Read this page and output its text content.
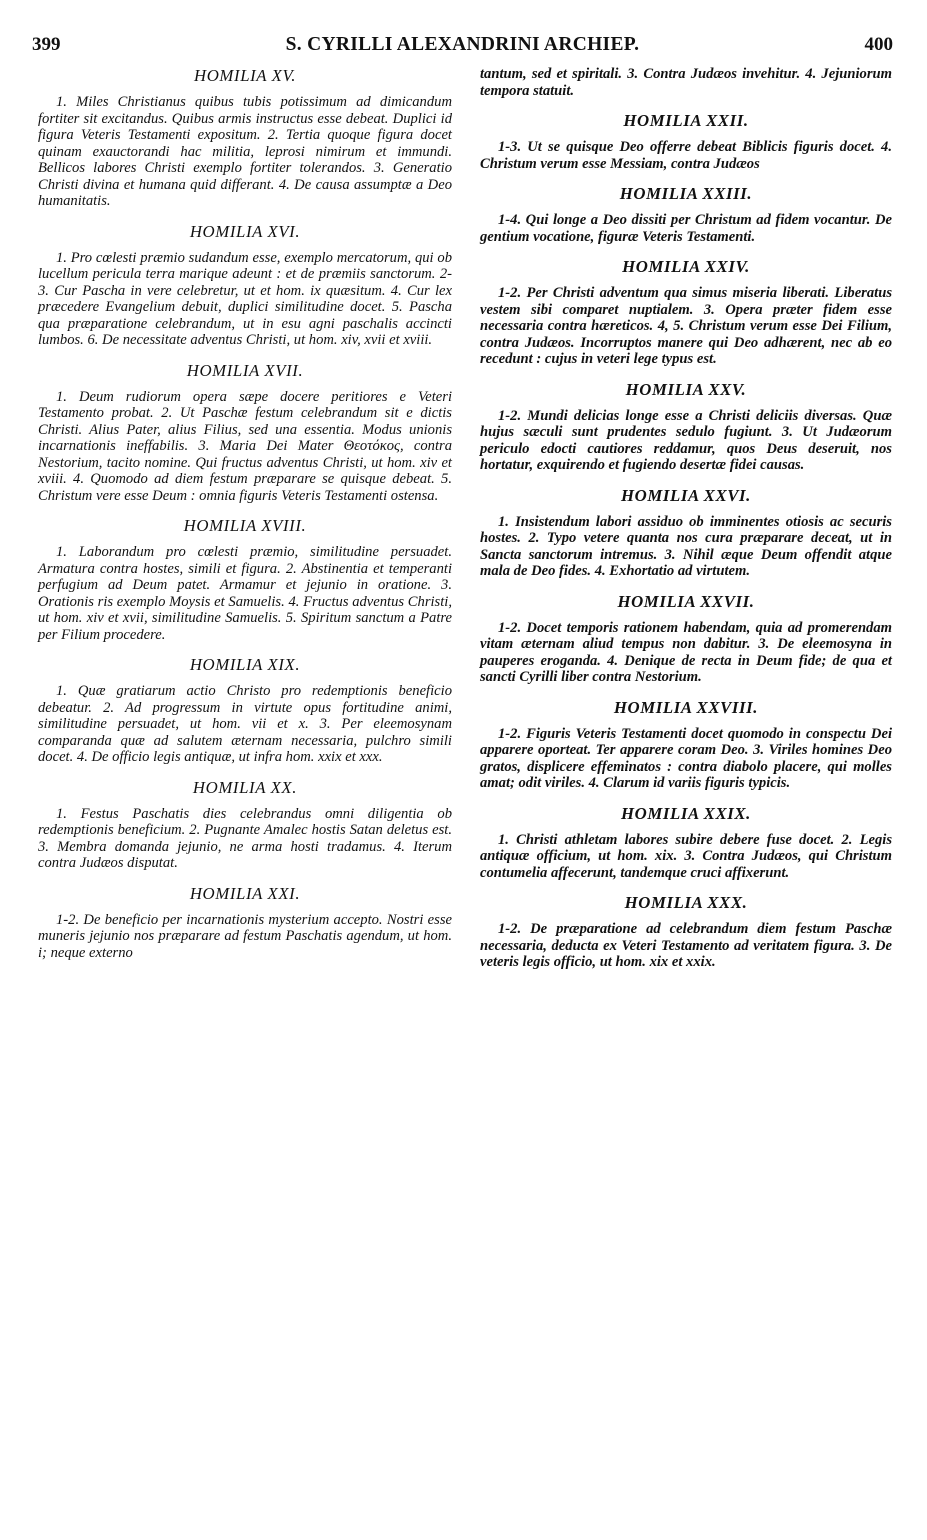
399	S. CYRILLI ALEXANDRINI ARCHIEP.	400
HOMILIA XV.
1. Miles Christianus quibus tubis potissimum ad dimicandum fortiter sit excitandus. Quibus armis instructus esse debeat. Duplici id figura Veteris Testamenti expositum. 2. Tertia quoque figura docet quinam exauctorandi hac militia, leprosi nimirum et immundi. Bellicos labores Christi exemplo fortiter tolerandos. 3. Generatio Christi divina et humana quid differant. 4. De causa assumptæ a Deo humanitatis.
HOMILIA XVI.
1. Pro cœlesti præmio sudandum esse, exemplo mercatorum, qui ob lucellum pericula terra marique adeunt : et de præmiis sanctorum. 2-3. Cur Pascha in vere celebretur, ut et hom. ix quæsitum. 4. Cur lex præcedere Evangelium debuit, duplici similitudine docet. 5. Pascha qua præparatione celebrandum, ut in esu agni paschalis accincti lumbos. 6. De necessitate adventus Christi, ut hom. xiv, xvii et xviii.
HOMILIA XVII.
1. Deum rudiorum opera sæpe docere peritiores e Veteri Testamento probat. 2. Ut Paschæ festum celebrandum sit e dictis Christi. Alius Pater, alius Filius, sed una essentia. Modus unionis incarnationis ineffabilis. 3. Maria Dei Mater Θεοτόκος, contra Nestorium, tacito nomine. Qui fructus adventus Christi, ut hom. xiv et xviii. 4. Quomodo ad diem festum præparare se quisque debeat. 5. Christum vere esse Deum : omnia figuris Veteris Testamenti ostensa.
HOMILIA XVIII.
1. Laborandum pro cœlesti præmio, similitudine persuadet. Armatura contra hostes, simili et figura. 2. Abstinentia et temperanti perfugium ad Deum patet. Armamur et jejunio in oratione. 3. Orationis ris exemplo Moysis et Samuelis. 4. Fructus adventus Christi, ut hom. xiv et xvii, similitudine Samuelis. 5. Spiritum sanctum a Patre per Filium procedere.
HOMILIA XIX.
1. Quæ gratiarum actio Christo pro redemptionis beneficio debeatur. 2. Ad progressum in virtute opus fortitudine animi, similitudine persuadet, ut hom. vii et x. 3. Per eleemosynam comparanda quæ ad salutem æternam necessaria, pulchro simili docet. 4. De officio legis antiquæ, ut infra hom. xxix et xxx.
HOMILIA XX.
1. Festus Paschatis dies celebrandus omni diligentia ob redemptionis beneficium. 2. Pugnante Amalec hostis Satan deletus est. 3. Membra domanda jejunio, ne arma hosti tradamus. 4. Iterum contra Judæos disputat.
HOMILIA XXI.
1-2. De beneficio per incarnationis mysterium acceptо. Nostri esse muneris jejunio nos præparare ad festum Paschatis agendum, ut hom. i; neque externo
tantum, sed et spiritali. 3. Contra Judæos invehitur. 4. Jejuniorum tempora statuit.
HOMILIA XXII.
1-3. Ut se quisque Deo offerre debeat Biblicis figuris docet. 4. Christum verum esse Messiam, contra Judæos
HOMILIA XXIII.
1-4. Qui longe a Deo dissiti per Christum ad fidem vocantur. De gentium vocatione, figuræ Veteris Testamenti.
HOMILIA XXIV.
1-2. Per Christi adventum qua simus miseria liberati. Liberatus vestem sibi comparet nuptialem. 3. Opera præter fidem esse necessaria contra hæreticos. 4, 5. Christum verum esse Dei Filium, contra Judæos. Incorruptos manere qui Deo adhærent, nec ab eo recedunt : cujus in veteri lege typus est.
HOMILIA XXV.
1-2. Mundi delicias longe esse a Christi deliciis diversas. Quæ hujus sæculi sunt prudentes sedulo fugiunt. 3. Ut Judæorum periculo edocti cautiores reddamur, quos Deus deseruit, nos hortatur, exquirendo et fugiendo desertæ fidei causas.
HOMILIA XXVI.
1. Insistendum labori assiduo ob imminentes otiosis ac securis hostes. 2. Typo vetere quanta nos cura præparare deceat, ut in Sancta sanctorum intremus. 3. Nihil æque Deum offendit atque mala de Deo fides. 4. Exhortatio ad virtutem.
HOMILIA XXVII.
1-2. Docet temporis rationem habendam, quia ad promerendam vitam æternam aliud tempus non dabitur. 3. De eleemosyna in pauperes eroganda. 4. Denique de recta in Deum fide; de qua et sancti Cyrilli liber contra Nestorium.
HOMILIA XXVIII.
1-2. Figuris Veteris Testamenti docet quomodo in conspectu Dei apparere oporteat. Ter apparere coram Deo. 3. Viriles homines Deo gratos, displicere effeminatos : contra diabolo placere, qui molles amat; odit viriles. 4. Clarum id variis figuris typicis.
HOMILIA XXIX.
1. Christi athletam labores subire debere fuse docet. 2. Legis antiquæ officium, ut hom. xix. 3. Contra Judæos, qui Christum contumelia affecerunt, tandemque cruci affixerunt.
HOMILIA XXX.
1-2. De præparatione ad celebrandum diem festum Paschæ necessaria, deducta ex Veteri Testamento ad veritatem figura. 3. De veteris legis officio, ut hom. xix et xxix.
